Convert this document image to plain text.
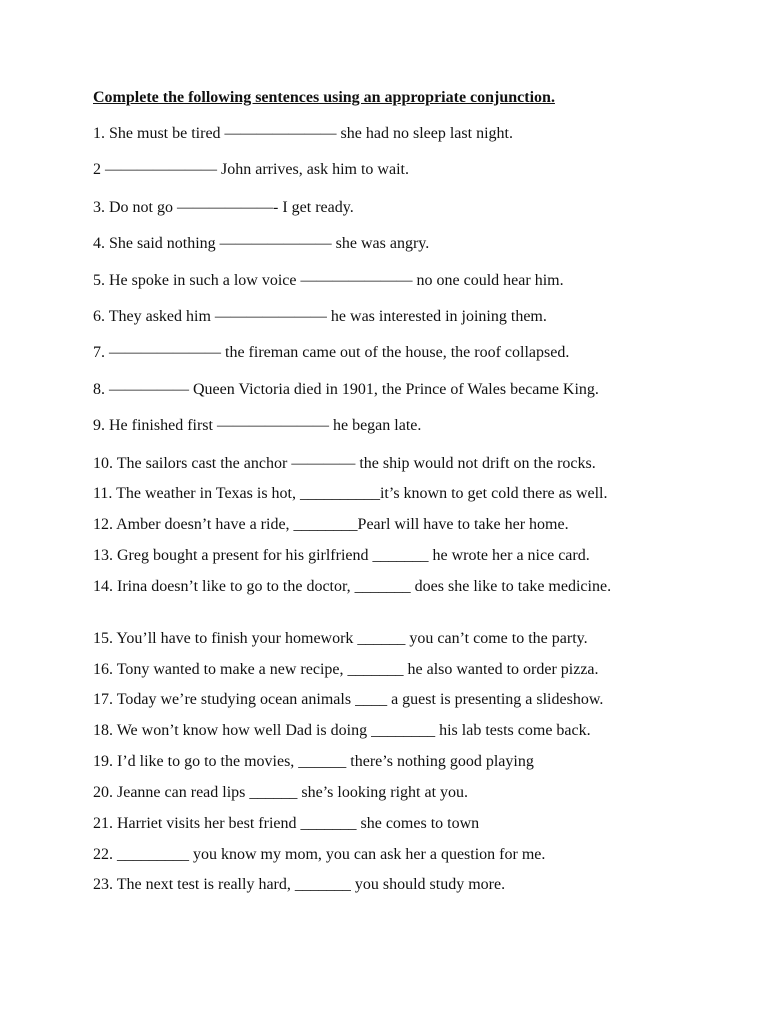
Complete the following sentences using an appropriate conjunction.
1. She must be tired ——————— she had no sleep last night.
2 ——————— John arrives, ask him to wait.
3. Do not go ——————- I get ready.
4. She said nothing ——————— she was angry.
5. He spoke in such a low voice ——————— no one could hear him.
6. They asked him ——————— he was interested in joining them.
7. ——————— the fireman came out of the house, the roof collapsed.
8. ————— Queen Victoria died in 1901, the Prince of Wales became King.
9. He finished first ——————— he began late.
10. The sailors cast the anchor ———— the ship would not drift on the rocks.
11. The weather in Texas is hot, __________it’s known to get cold there as well.
12. Amber doesn’t have a ride, ________Pearl will have to take her home.
13. Greg bought a present for his girlfriend _______ he wrote her a nice card.
14. Irina doesn’t like to go to the doctor, _______ does she like to take medicine.
15. You’ll have to finish your homework ______ you can’t come to the party.
16. Tony wanted to make a new recipe, _______ he also wanted to order pizza.
17. Today we’re studying ocean animals ____ a guest is presenting a slideshow.
18. We won’t know how well Dad is doing ________ his lab tests come back.
19. I’d like to go to the movies, ______ there’s nothing good playing
20. Jeanne can read lips ______ she’s looking right at you.
21. Harriet visits her best friend _______ she comes to town
22. _________ you know my mom, you can ask her a question for me.
23. The next test is really hard, _______ you should study more.
